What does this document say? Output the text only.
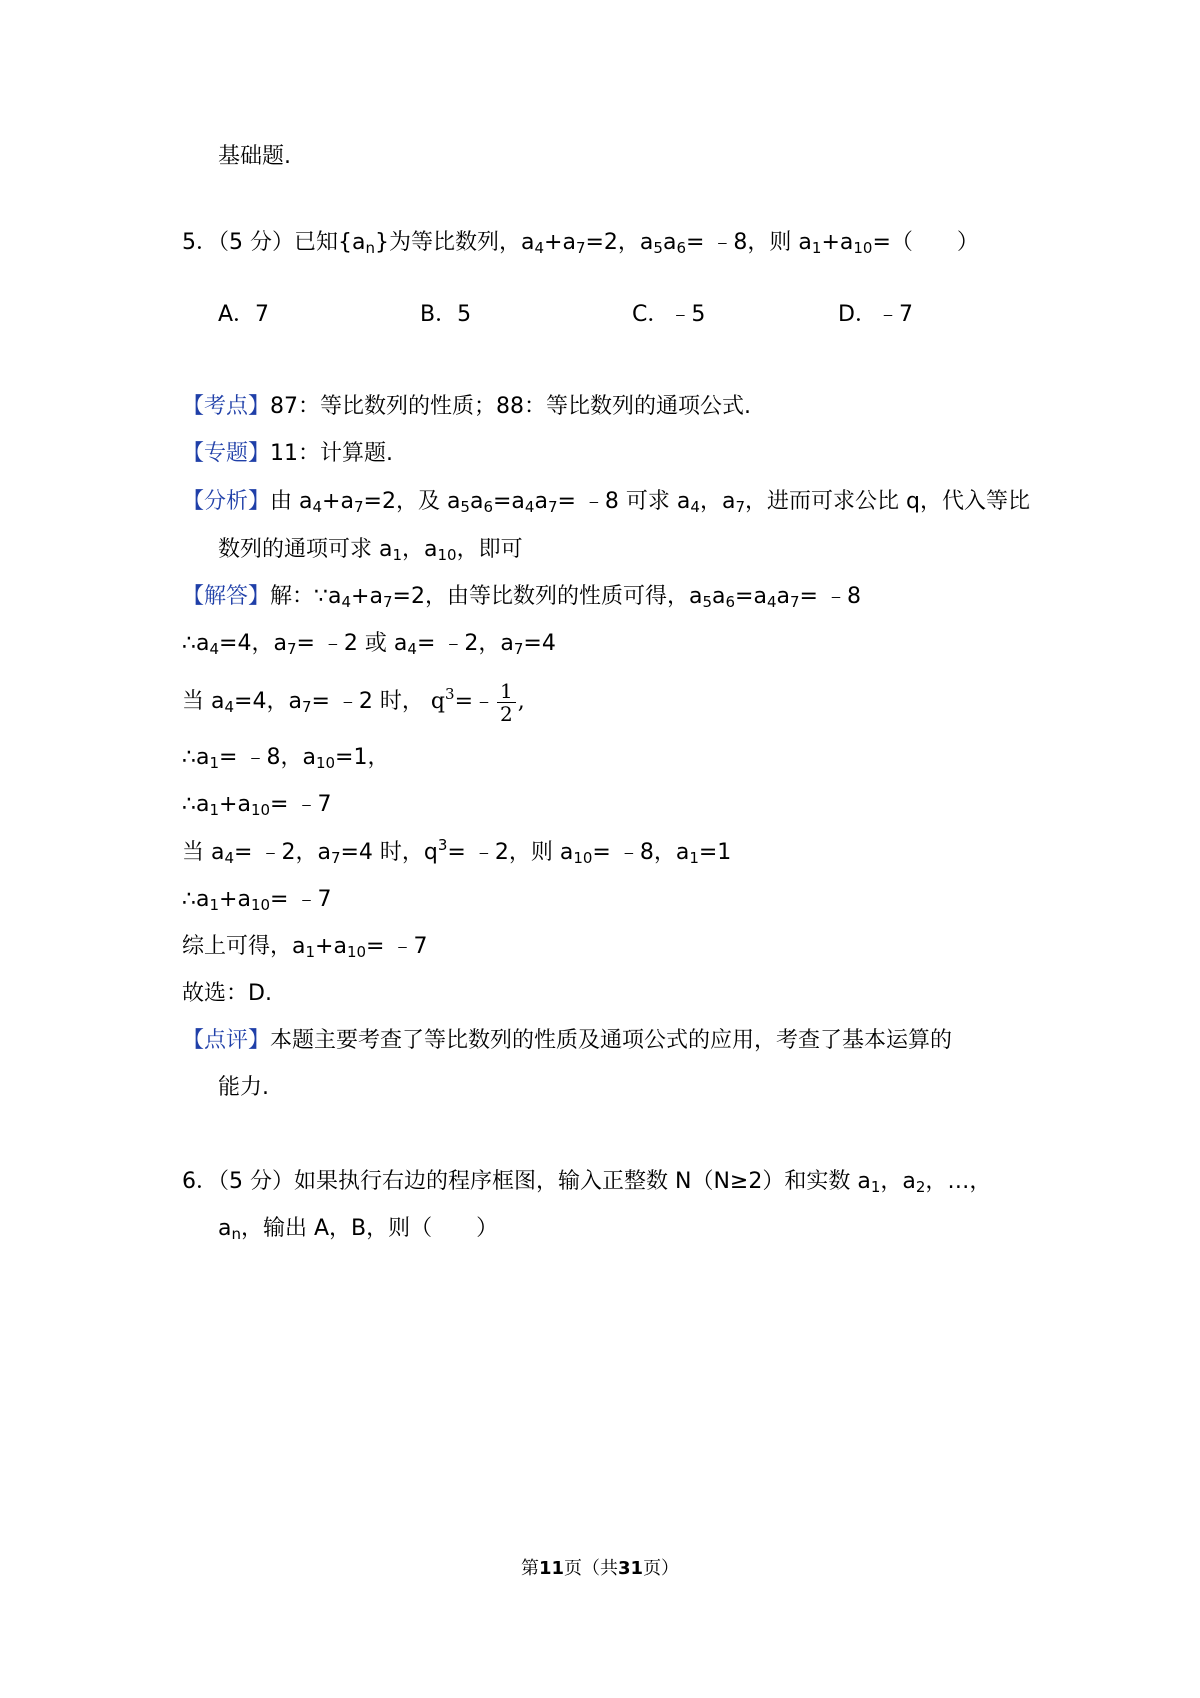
基础题.
5．（5 分）已知$\{a_n\}$为等比数列，$a_4+a_7=2$，$a_5a_6=$ ﹣8，则 $a_1+a_{10}=$（　　）
A．7	B．5	C．﹣5	D．﹣7
【考点】87：等比数列的性质；88：等比数列的通项公式.
【专题】11：计算题.
【分析】由 $a_4+a_7=2$，及 $a_5a_6=a_4a_7=$ ﹣8 可求 $a_4$，$a_7$，进而可求公比 q，代入等比
数列的通项可求 $a_1$，$a_{10}$，即可
【解答】解：$\because a_4+a_7=2$，由等比数列的性质可得，$a_5a_6=a_4a_7=$ ﹣8
$\therefore a_4=4$，$a_7=$ ﹣2 或 $a_4=$ ﹣2，$a_7=4$
当 $a_4=4$，$a_7=$ ﹣2 时， $q^3=﹣ \frac{1}{2}$ ,
$\therefore a_1=$ ﹣8，$a_{10}=1$，
$\therefore a_1+a_{10}=$ ﹣7
当 $a_4=$ ﹣2，$a_7=4$ 时，$q^3=$ ﹣2，则 $a_{10}=$ ﹣8，$a_1=1$
$\therefore a_1+a_{10}=$ ﹣7
综上可得，$a_1+a_{10}=$ ﹣7
故选：D.
【点评】本题主要考查了等比数列的性质及通项公式的应用，考查了基本运算的
能力.
6．（5 分）如果执行右边的程序框图，输入正整数 N（N≥2）和实数 $a_1$，$a_2$，…，
$a_n$，输出 A，B，则（　　）
第11页（共31页）
